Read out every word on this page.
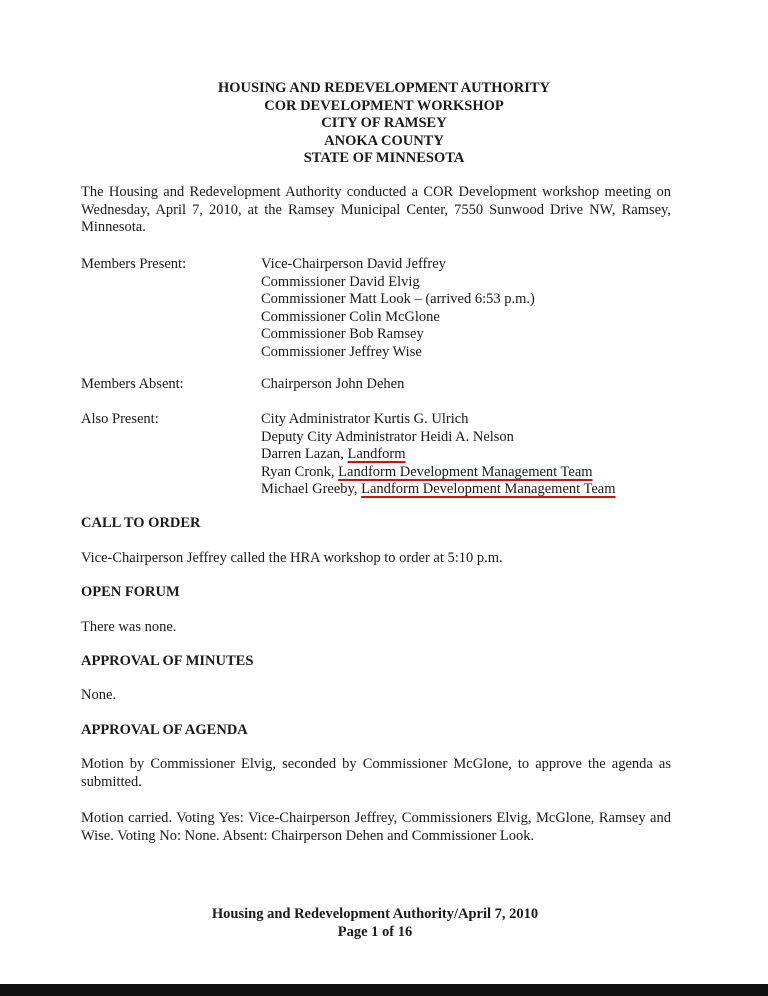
HOUSING AND REDEVELOPMENT AUTHORITY
COR DEVELOPMENT WORKSHOP
CITY OF RAMSEY
ANOKA COUNTY
STATE OF MINNESOTA
The Housing and Redevelopment Authority conducted a COR Development workshop meeting on Wednesday, April 7, 2010, at the Ramsey Municipal Center, 7550 Sunwood Drive NW, Ramsey, Minnesota.
Members Present:	Vice-Chairperson David Jeffrey
Commissioner David Elvig
Commissioner Matt Look – (arrived 6:53 p.m.)
Commissioner Colin McGlone
Commissioner Bob Ramsey
Commissioner Jeffrey Wise
Members Absent:	Chairperson John Dehen
Also Present:	City Administrator Kurtis G. Ulrich
Deputy City Administrator Heidi A. Nelson
Darren Lazan, Landform
Ryan Cronk, Landform Development Management Team
Michael Greeby, Landform Development Management Team
CALL TO ORDER
Vice-Chairperson Jeffrey called the HRA workshop to order at 5:10 p.m.
OPEN FORUM
There was none.
APPROVAL OF MINUTES
None.
APPROVAL OF AGENDA
Motion by Commissioner Elvig, seconded by Commissioner McGlone, to approve the agenda as submitted.
Motion carried. Voting Yes: Vice-Chairperson Jeffrey, Commissioners Elvig, McGlone, Ramsey and Wise. Voting No: None. Absent: Chairperson Dehen and Commissioner Look.
Housing and Redevelopment Authority/April 7, 2010
Page 1 of 16
